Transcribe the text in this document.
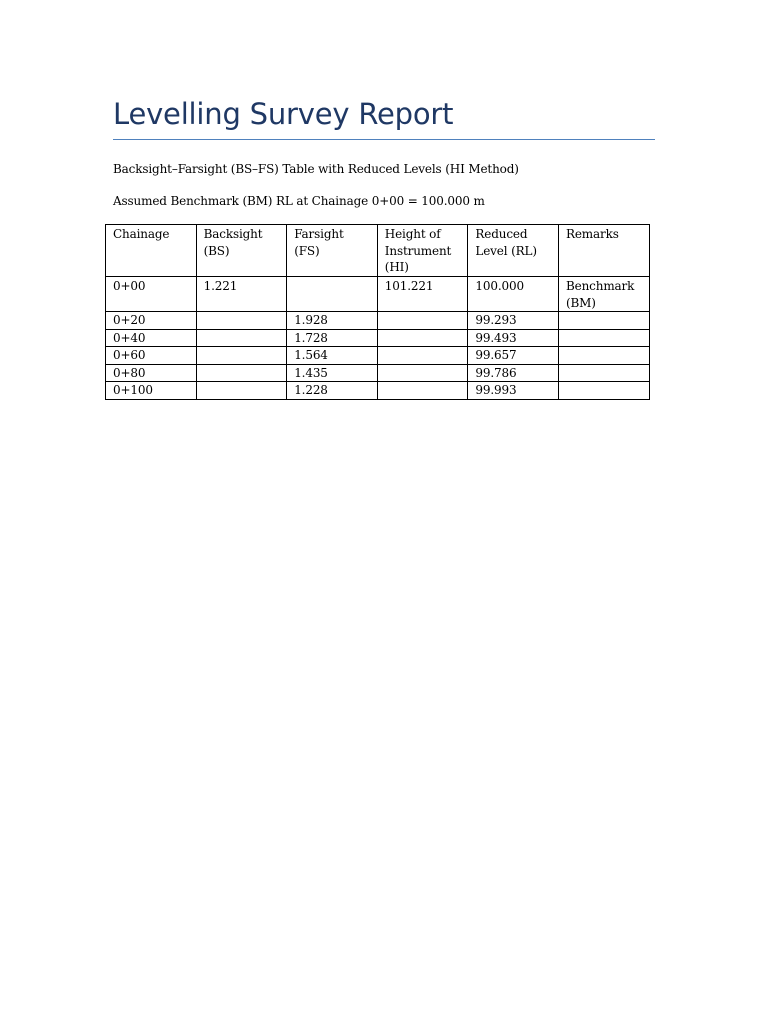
Levelling Survey Report

Backsight–Farsight (BS–FS) Table with Reduced Levels (HI Method)

Assumed Benchmark (BM) RL at Chainage 0+00 = 100.000 m

Chainage	Backsight (BS)	Farsight (FS)	Height of Instrument (HI)	Reduced Level (RL)	Remarks
0+00	1.221		101.221	100.000	Benchmark (BM)
0+20		1.928		99.293	
0+40		1.728		99.493	
0+60		1.564		99.657	
0+80		1.435		99.786	
0+100		1.228		99.993	
